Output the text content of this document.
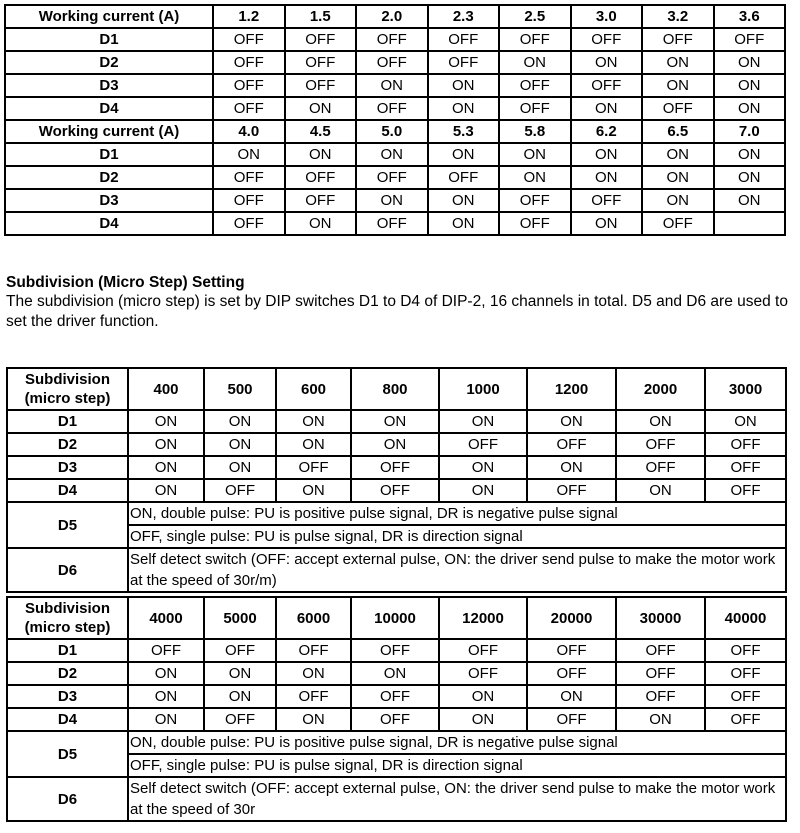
Working current (A)	1.2	1.5	2.0	2.3	2.5	3.0	3.2	3.6
D1	OFF	OFF	OFF	OFF	OFF	OFF	OFF	OFF
D2	OFF	OFF	OFF	OFF	ON	ON	ON	ON
D3	OFF	OFF	ON	ON	OFF	OFF	ON	ON
D4	OFF	ON	OFF	ON	OFF	ON	OFF	ON
Working current (A)	4.0	4.5	5.0	5.3	5.8	6.2	6.5	7.0
D1	ON	ON	ON	ON	ON	ON	ON	ON
D2	OFF	OFF	OFF	OFF	ON	ON	ON	ON
D3	OFF	OFF	ON	ON	OFF	OFF	ON	ON
D4	OFF	ON	OFF	ON	OFF	ON	OFF	

Subdivision (Micro Step) Setting

The subdivision (micro step) is set by DIP switches D1 to D4 of DIP-2, 16 channels in total. D5 and D6 are used to set the driver function.

Subdivision (micro step)	400	500	600	800	1000	1200	2000	3000
D1	ON	ON	ON	ON	ON	ON	ON	ON
D2	ON	ON	ON	ON	OFF	OFF	OFF	OFF
D3	ON	ON	OFF	OFF	ON	ON	OFF	OFF
D4	ON	OFF	ON	OFF	ON	OFF	ON	OFF
D5	ON, double pulse: PU is positive pulse signal, DR is negative pulse signal							
	OFF, single pulse: PU is pulse signal, DR is direction signal							
D6	Self detect switch (OFF: accept external pulse, ON: the driver send pulse to make the motor work at the speed of 30r/m)							
Subdivision (micro step)	4000	5000	6000	10000	12000	20000	30000	40000
D1	OFF	OFF	OFF	OFF	OFF	OFF	OFF	OFF
D2	ON	ON	ON	ON	OFF	OFF	OFF	OFF
D3	ON	ON	OFF	OFF	ON	ON	OFF	OFF
D4	ON	OFF	ON	OFF	ON	OFF	ON	OFF
D5	ON, double pulse: PU is positive pulse signal, DR is negative pulse signal							
	OFF, single pulse: PU is pulse signal, DR is direction signal							
D6	Self detect switch (OFF: accept external pulse, ON: the driver send pulse to make the motor work at the speed of 30r							
